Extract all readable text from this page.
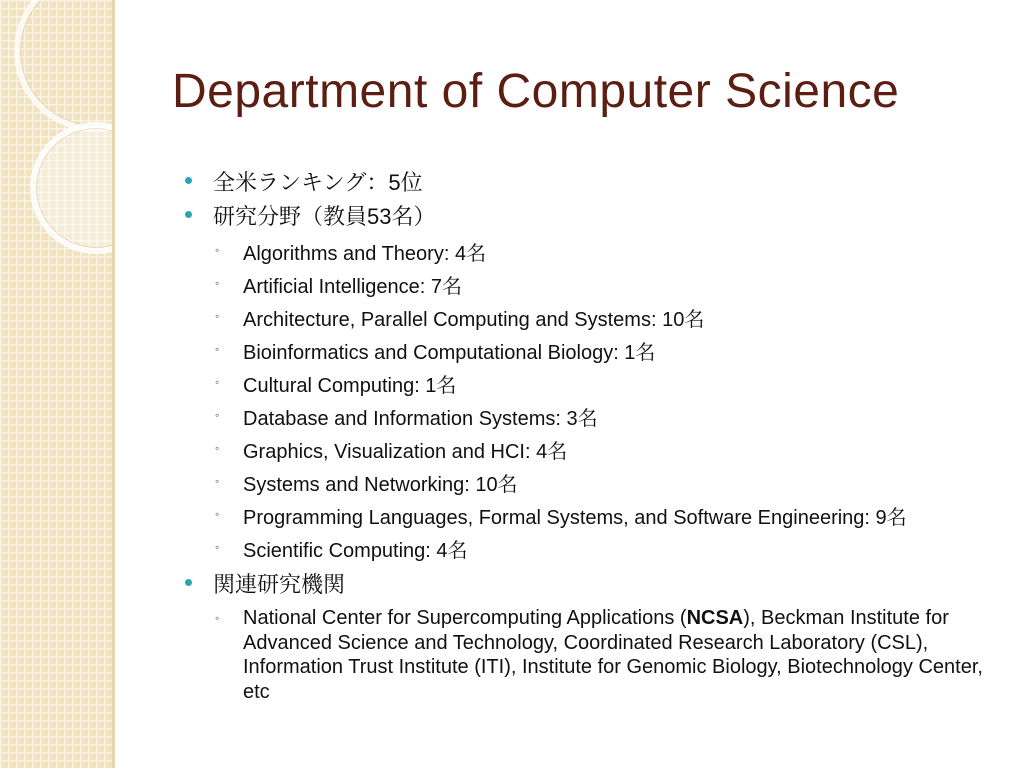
Department of Computer Science
全米ランキング：5位
研究分野（教員53名）
◦ Algorithms and Theory: 4名
◦ Artificial Intelligence: 7名
◦ Architecture, Parallel Computing and Systems: 10名
◦ Bioinformatics and Computational Biology: 1名
◦ Cultural Computing: 1名
◦ Database and Information Systems: 3名
◦ Graphics, Visualization and HCI: 4名
◦ Systems and Networking: 10名
◦ Programming Languages, Formal Systems, and Software Engineering: 9名
◦ Scientific Computing: 4名
関連研究機関
◦ National Center for Supercomputing Applications (NCSA), Beckman Institute for Advanced Science and Technology, Coordinated Research Laboratory (CSL), Information Trust Institute (ITI), Institute for Genomic Biology, Biotechnology Center, etc
